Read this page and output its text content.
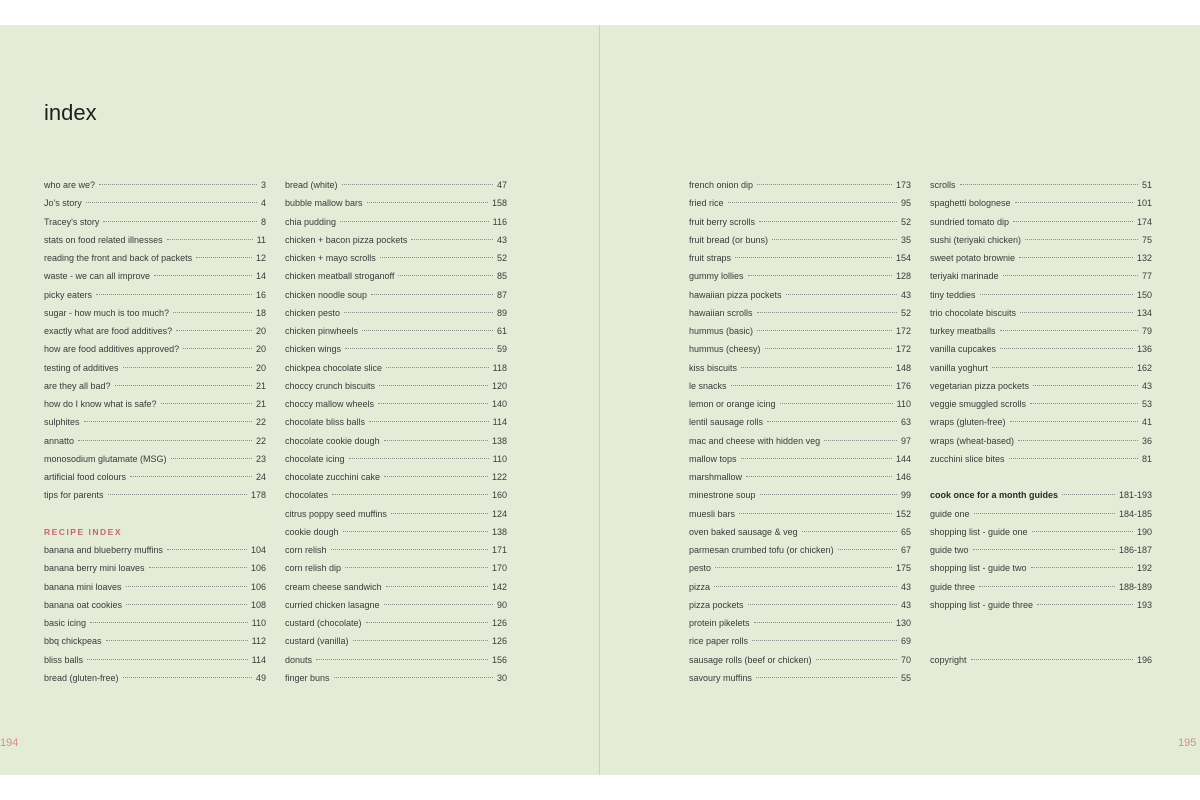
index
who are we?	3
Jo's story	4
Tracey's story	8
stats on food related illnesses	11
reading the front and back of packets	12
waste - we can all improve	14
picky eaters	16
sugar - how much is too much?	18
exactly what are food additives?	20
how are food additives approved?	20
testing of additives	20
are they all bad?	21
how do I know what is safe?	21
sulphites	22
annatto	22
monosodium glutamate (MSG)	23
artificial food colours	24
tips for parents	178
RECIPE INDEX
banana and blueberry muffins	104
banana berry mini loaves	106
banana mini loaves	106
banana oat cookies	108
basic icing	110
bbq chickpeas	112
bliss balls	114
bread (gluten-free)	49
bread (white)	47
bubble mallow bars	158
chia pudding	116
chicken + bacon pizza pockets	43
chicken + mayo scrolls	52
chicken meatball stroganoff	85
chicken noodle soup	87
chicken pesto	89
chicken pinwheels	61
chicken wings	59
chickpea chocolate slice	118
choccy crunch biscuits	120
choccy mallow wheels	140
chocolate bliss balls	114
chocolate cookie dough	138
chocolate icing	110
chocolate zucchini cake	122
chocolates	160
citrus poppy seed muffins	124
cookie dough	138
corn relish	171
corn relish dip	170
cream cheese sandwich	142
curried chicken lasagne	90
custard (chocolate)	126
custard (vanilla)	126
donuts	156
finger buns	30
french onion dip	173
fried rice	95
fruit berry scrolls	52
fruit bread (or buns)	35
fruit straps	154
gummy lollies	128
hawaiian pizza pockets	43
hawaiian scrolls	52
hummus (basic)	172
hummus (cheesy)	172
kiss biscuits	148
le snacks	176
lemon or orange icing	110
lentil sausage rolls	63
mac and cheese with hidden veg	97
mallow tops	144
marshmallow	146
minestrone soup	99
muesli bars	152
oven baked sausage & veg	65
parmesan crumbed tofu (or chicken)	67
pesto	175
pizza	43
pizza pockets	43
protein pikelets	130
rice paper rolls	69
sausage rolls (beef or chicken)	70
savoury muffins	55
scrolls	51
spaghetti bolognese	101
sundried tomato dip	174
sushi (teriyaki chicken)	75
sweet potato brownie	132
teriyaki marinade	77
tiny teddies	150
trio chocolate biscuits	134
turkey meatballs	79
vanilla cupcakes	136
vanilla yoghurt	162
vegetarian pizza pockets	43
veggie smuggled scrolls	53
wraps (gluten-free)	41
wraps (wheat-based)	36
zucchini slice bites	81
cook once for a month guides	181-193
guide one	184-185
shopping list - guide one	190
guide two	186-187
shopping list - guide two	192
guide three	188-189
shopping list - guide three	193
copyright	196
194	195
